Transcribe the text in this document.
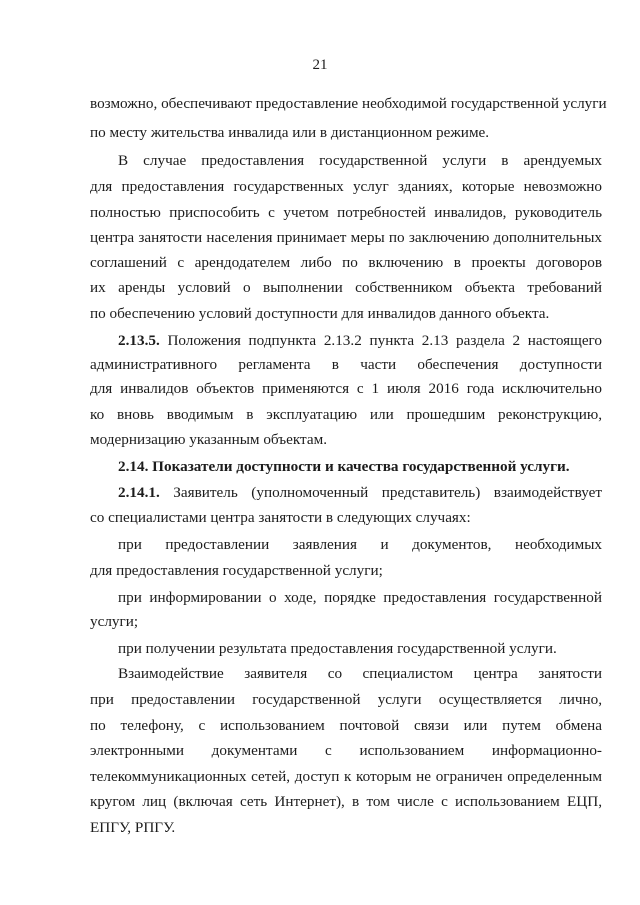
21
возможно, обеспечивают предоставление необходимой государственной услуги
по месту жительства инвалида или в дистанционном режиме.
В случае предоставления государственной услуги в арендуемых
для предоставления государственных услуг зданиях, которые невозможно
полностью приспособить с учетом потребностей инвалидов, руководитель
центра занятости населения принимает меры по заключению дополнительных
соглашений с арендодателем либо по включению в проекты договоров
их аренды условий о выполнении собственником объекта требований
по обеспечению условий доступности для инвалидов данного объекта.
2.13.5. Положения подпункта 2.13.2 пункта 2.13 раздела 2 настоящего
административного регламента в части обеспечения доступности
для инвалидов объектов применяются с 1 июля 2016 года исключительно
ко вновь вводимым в эксплуатацию или прошедшим реконструкцию,
модернизацию указанным объектам.
2.14. Показатели доступности и качества государственной услуги.
2.14.1. Заявитель (уполномоченный представитель) взаимодействует
со специалистами центра занятости в следующих случаях:
при предоставлении заявления и документов, необходимых
для предоставления государственной услуги;
при информировании о ходе, порядке предоставления государственной
услуги;
при получении результата предоставления государственной услуги.
Взаимодействие заявителя со специалистом центра занятости
при предоставлении государственной услуги осуществляется лично,
по телефону, с использованием почтовой связи или путем обмена
электронными документами с использованием информационно-
телекоммуникационных сетей, доступ к которым не ограничен определенным
кругом лиц (включая сеть Интернет), в том числе с использованием ЕЦП,
ЕПГУ, РПГУ.
